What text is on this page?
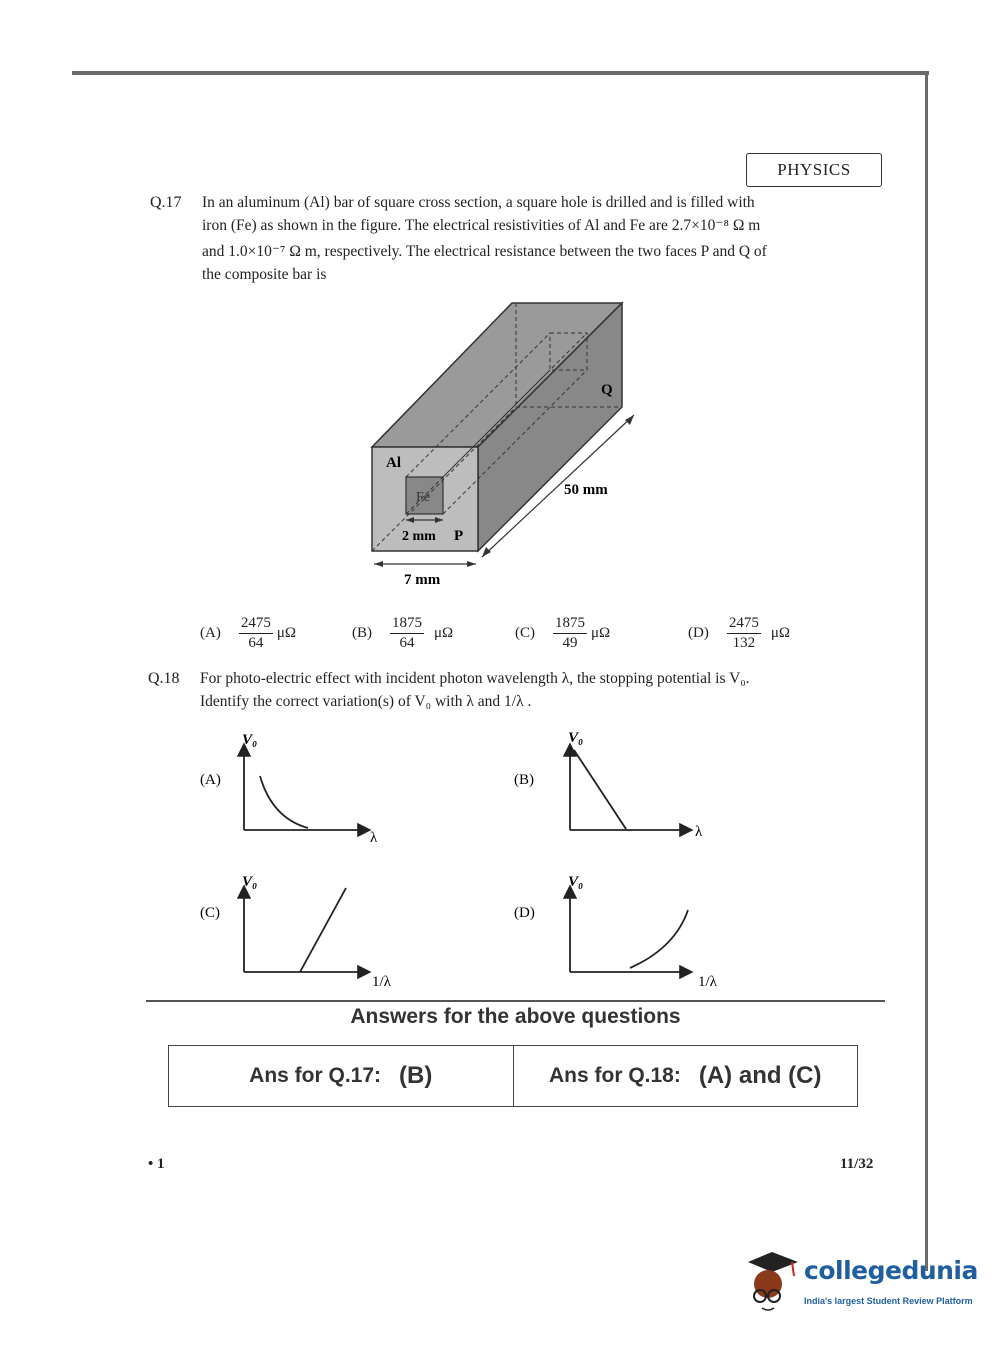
PHYSICS
Q.17 In an aluminum (Al) bar of square cross section, a square hole is drilled and is filled with
iron (Fe) as shown in the figure. The electrical resistivities of Al and Fe are 2.7×10⁻⁸ Ω m
and 1.0×10⁻⁷ Ω m, respectively. The electrical resistance between the two faces P and Q of
the composite bar is
Al
Fe
Q
P
2 mm
50 mm
7 mm
$(A) \frac{2475}{64}$ μΩ	$(B) \frac{1875}{64}$ μΩ	$(C) \frac{1875}{49}$ μΩ	$(D) \frac{2475}{132}$ μΩ
Q.18 For photo-electric effect with incident photon wavelength λ, the stopping potential is V₀.
Identify the correct variation(s) of V₀ with λ and 1/λ .
(A)
V₀
λ
(B)
V₀
λ
(C)
V₀
1/λ
(D)
V₀
1/λ
Answers for the above questions
Ans for Q.17: (B)	Ans for Q.18: (A) and (C)
• 1	11/32
collegedunia
India's largest Student Review Platform
